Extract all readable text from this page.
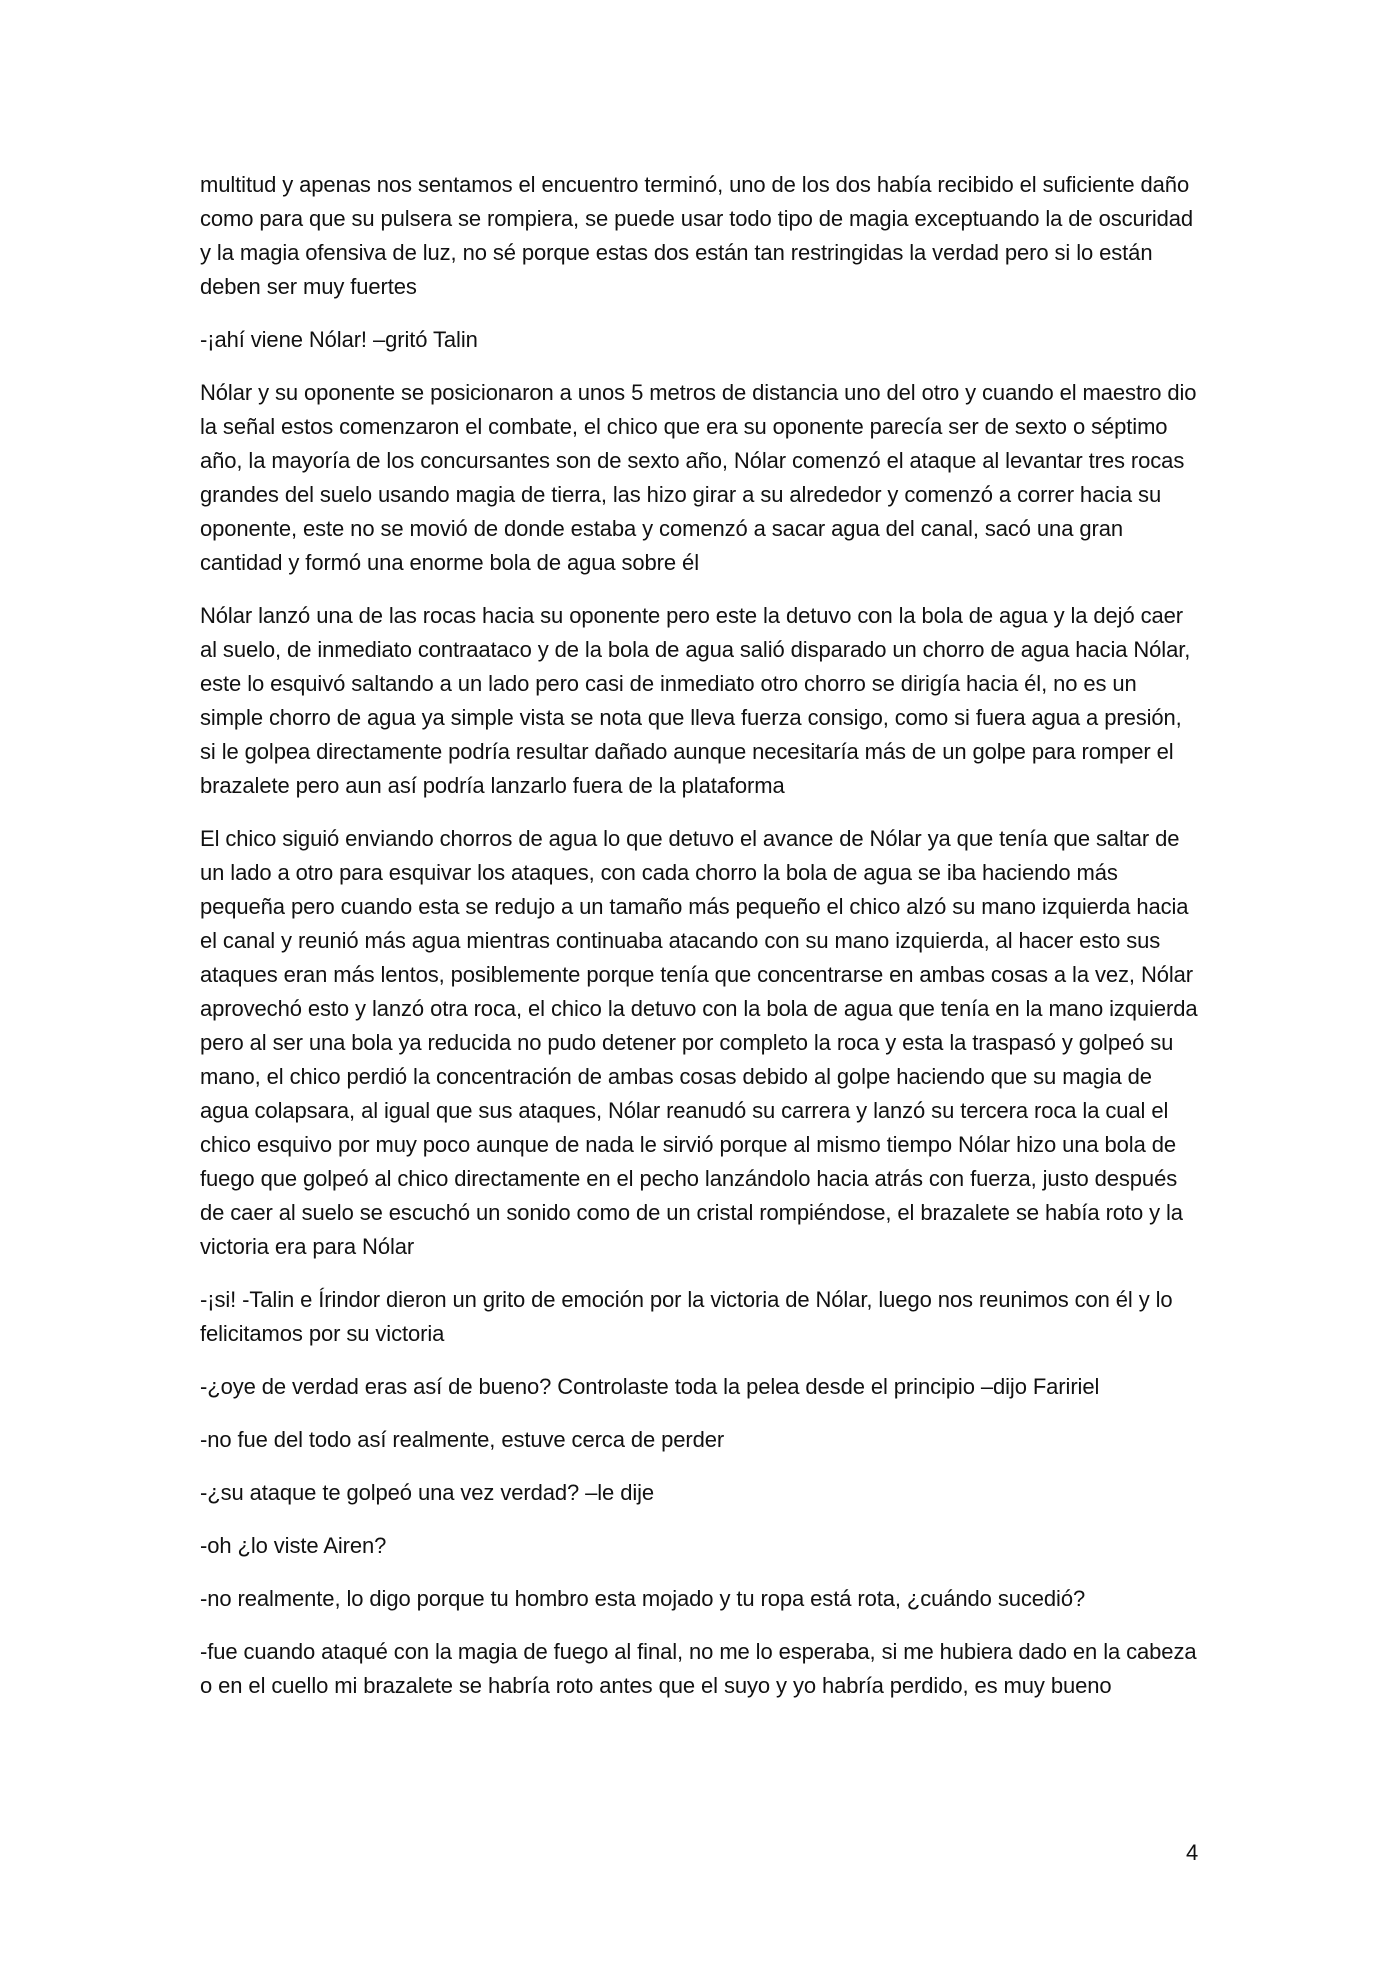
multitud y apenas nos sentamos el encuentro terminó, uno de los dos había recibido el suficiente daño como para que su pulsera se rompiera, se puede usar todo tipo de magia exceptuando la de oscuridad y la magia ofensiva de luz, no sé porque estas dos están tan restringidas la verdad pero si lo están deben ser muy fuertes

-¡ahí viene Nólar! –gritó Talin

Nólar y su oponente se posicionaron a unos 5 metros de distancia uno del otro y cuando el maestro dio la señal estos comenzaron el combate, el chico que era su oponente parecía ser de sexto o séptimo año, la mayoría de los concursantes son de sexto año, Nólar comenzó el ataque al levantar tres rocas grandes del suelo usando magia de tierra, las hizo girar a su alrededor y comenzó a correr hacia su oponente, este no se movió de donde estaba y comenzó a sacar agua del canal, sacó una gran cantidad y formó una enorme bola de agua sobre él

Nólar lanzó una de las rocas hacia su oponente pero este la detuvo con la bola de agua y la dejó caer al suelo, de inmediato contraataco y de la bola de agua salió disparado un chorro de agua hacia Nólar, este lo esquivó saltando a un lado pero casi de inmediato otro chorro se dirigía hacia él, no es un simple chorro de agua ya simple vista se nota que lleva fuerza consigo, como si fuera agua a presión, si le golpea directamente podría resultar dañado aunque necesitaría más de un golpe para romper el brazalete pero aun así podría lanzarlo fuera de la plataforma

El chico siguió enviando chorros de agua lo que detuvo el avance de Nólar ya que tenía que saltar de un lado a otro para esquivar los ataques, con cada chorro la bola de agua se iba haciendo más pequeña pero cuando esta se redujo a un tamaño más pequeño el chico alzó su mano izquierda hacia el canal y reunió más agua mientras continuaba atacando con su mano izquierda, al hacer esto sus ataques eran más lentos, posiblemente porque tenía que concentrarse en ambas cosas a la vez, Nólar aprovechó esto y lanzó otra roca, el chico la detuvo con la bola de agua que tenía en la mano izquierda pero al ser una bola ya reducida no pudo detener por completo la roca y esta la traspasó y golpeó su mano, el chico perdió la concentración de ambas cosas debido al golpe haciendo que su magia de agua colapsara, al igual que sus ataques, Nólar reanudó su carrera y lanzó su tercera roca la cual el chico esquivo por muy poco aunque de nada le sirvió porque al mismo tiempo Nólar hizo una bola de fuego que golpeó al chico directamente en el pecho lanzándolo hacia atrás con fuerza, justo después de caer al suelo se escuchó un sonido como de un cristal rompiéndose, el brazalete se había roto y la victoria era para Nólar

-¡si! -Talin e Írindor dieron un grito de emoción por la victoria de Nólar, luego nos reunimos con él y lo felicitamos por su victoria

-¿oye de verdad eras así de bueno? Controlaste toda la pelea desde el principio –dijo Faririel

-no fue del todo así realmente, estuve cerca de perder

-¿su ataque te golpeó una vez verdad? –le dije

-oh ¿lo viste Airen?

-no realmente, lo digo porque tu hombro esta mojado y tu ropa está rota, ¿cuándo sucedió?

-fue cuando ataqué con la magia de fuego al final, no me lo esperaba, si me hubiera dado en la cabeza o en el cuello mi brazalete se habría roto antes que el suyo y yo habría perdido, es muy bueno

4
